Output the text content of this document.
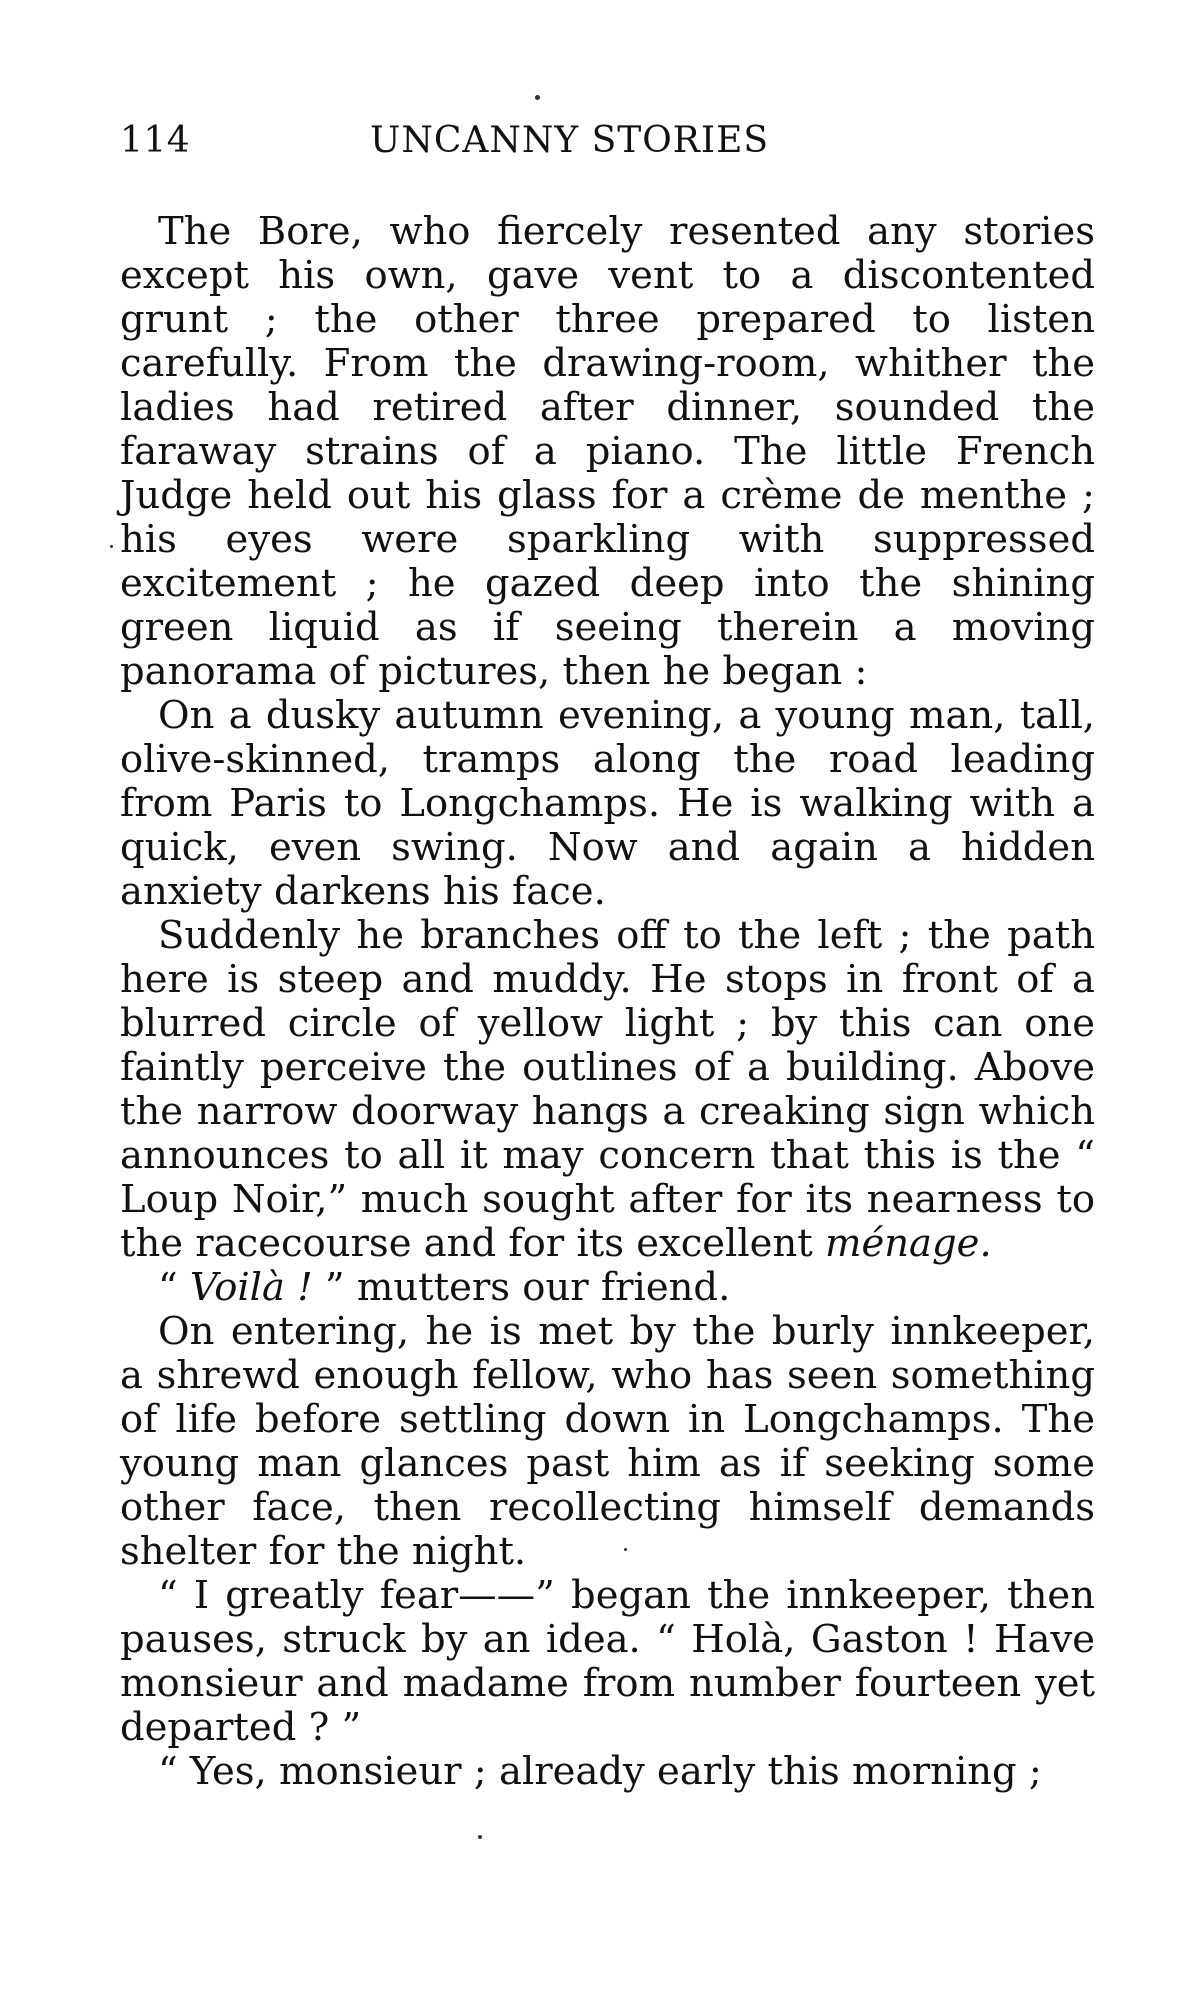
114	UNCANNY STORIES

The Bore, who fiercely resented any stories except his own, gave vent to a discontented grunt ; the other three prepared to listen carefully. From the drawing-room, whither the ladies had retired after dinner, sounded the faraway strains of a piano. The little French Judge held out his glass for a crème de menthe ; his eyes were sparkling with suppressed excitement ; he gazed deep into the shining green liquid as if seeing therein a moving panorama of pictures, then he began :

On a dusky autumn evening, a young man, tall, olive-skinned, tramps along the road leading from Paris to Longchamps. He is walking with a quick, even swing. Now and again a hidden anxiety darkens his face.

Suddenly he branches off to the left ; the path here is steep and muddy. He stops in front of a blurred circle of yellow light ; by this can one faintly perceive the outlines of a building. Above the narrow doorway hangs a creaking sign which announces to all it may concern that this is the “ Loup Noir,” much sought after for its nearness to the racecourse and for its excellent ménage.

“ Voilà ! ” mutters our friend.

On entering, he is met by the burly innkeeper, a shrewd enough fellow, who has seen something of life before settling down in Longchamps. The young man glances past him as if seeking some other face, then recollecting himself demands shelter for the night.

“ I greatly fear——” began the innkeeper, then pauses, struck by an idea. “ Holà, Gaston ! Have monsieur and madame from number fourteen yet departed ? ”

“ Yes, monsieur ; already early this morning ;
